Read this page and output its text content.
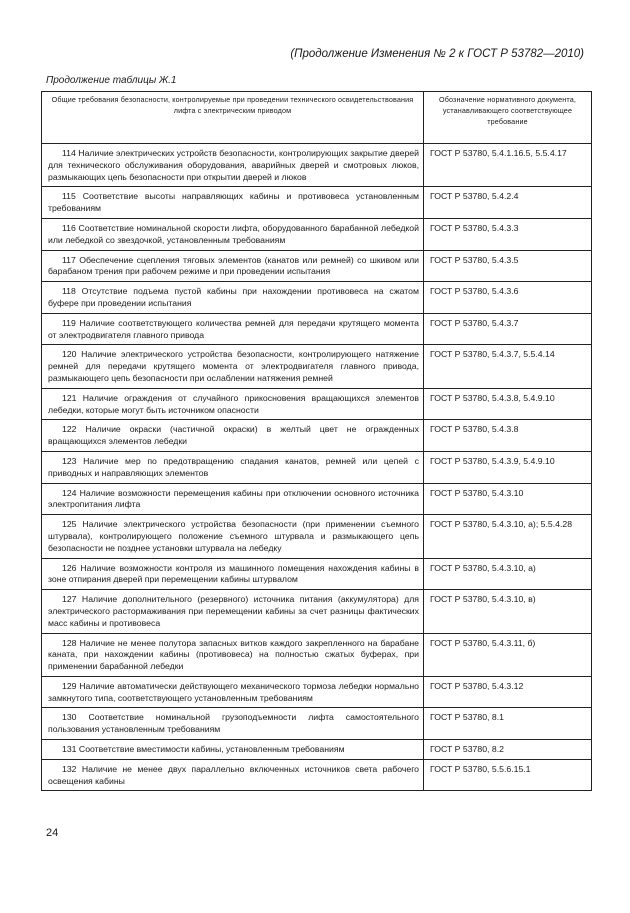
(Продолжение Изменения № 2 к ГОСТ Р 53782—2010)
Продолжение таблицы Ж.1
Общие требования безопасности, контролируемые при проведении технического освидетельствования лифта с электрическим приводом	Обозначение нормативного документа, устанавливающего соответствующее требование
114 Наличие электрических устройств безопасности, контролирующих закрытие дверей для технического обслуживания оборудования, аварийных дверей и смотровых люков, размыкающих цепь безопасности при открытии дверей и люков	ГОСТ Р 53780, 5.4.1.16.5, 5.5.4.17
115 Соответствие высоты направляющих кабины и противовеса установленным требованиям	ГОСТ Р 53780, 5.4.2.4
116 Соответствие номинальной скорости лифта, оборудованного барабанной лебедкой или лебедкой со звездочкой, установленным требованиям	ГОСТ Р 53780, 5.4.3.3
117 Обеспечение сцепления тяговых элементов (канатов или ремней) со шкивом или барабаном трения при рабочем режиме и при проведении испытания	ГОСТ Р 53780, 5.4.3.5
118 Отсутствие подъема пустой кабины при нахождении противовеса на сжатом буфере при проведении испытания	ГОСТ Р 53780, 5.4.3.6
119 Наличие соответствующего количества ремней для передачи крутящего момента от электродвигателя главного привода	ГОСТ Р 53780, 5.4.3.7
120 Наличие электрического устройства безопасности, контролирующего натяжение ремней для передачи крутящего момента от электродвигателя главного привода, размыкающего цепь безопасности при ослаблении натяжения ремней	ГОСТ Р 53780, 5.4.3.7, 5.5.4.14
121 Наличие ограждения от случайного прикосновения вращающихся элементов лебедки, которые могут быть источником опасности	ГОСТ Р 53780, 5.4.3.8, 5.4.9.10
122 Наличие окраски (частичной окраски) в желтый цвет не огражденных вращающихся элементов лебедки	ГОСТ Р 53780, 5.4.3.8
123 Наличие мер по предотвращению спадания канатов, ремней или цепей с приводных и направляющих элементов	ГОСТ Р 53780, 5.4.3.9, 5.4.9.10
124 Наличие возможности перемещения кабины при отключении основного источника электропитания лифта	ГОСТ Р 53780, 5.4.3.10
125 Наличие электрического устройства безопасности (при применении съемного штурвала), контролирующего положение съемного штурвала и размыкающего цепь безопасности не позднее установки штурвала на лебедку	ГОСТ Р 53780, 5.4.3.10, а); 5.5.4.28
126 Наличие возможности контроля из машинного помещения нахождения кабины в зоне отпирания дверей при перемещении кабины штурвалом	ГОСТ Р 53780, 5.4.3.10, а)
127 Наличие дополнительного (резервного) источника питания (аккумулятора) для электрического растормаживания при перемещении кабины за счет разницы фактических масс кабины и противовеса	ГОСТ Р 53780, 5.4.3.10, в)
128 Наличие не менее полутора запасных витков каждого закрепленного на барабане каната, при нахождении кабины (противовеса) на полностью сжатых буферах, при применении барабанной лебедки	ГОСТ Р 53780, 5.4.3.11, б)
129 Наличие автоматически действующего механического тормоза лебедки нормально замкнутого типа, соответствующего установленным требованиям	ГОСТ Р 53780, 5.4.3.12
130 Соответствие номинальной грузоподъемности лифта самостоятельного пользования установленным требованиям	ГОСТ Р 53780, 8.1
131 Соответствие вместимости кабины, установленным требованиям	ГОСТ Р 53780, 8.2
132 Наличие не менее двух параллельно включенных источников света рабочего освещения кабины	ГОСТ Р 53780, 5.5.6.15.1
24
